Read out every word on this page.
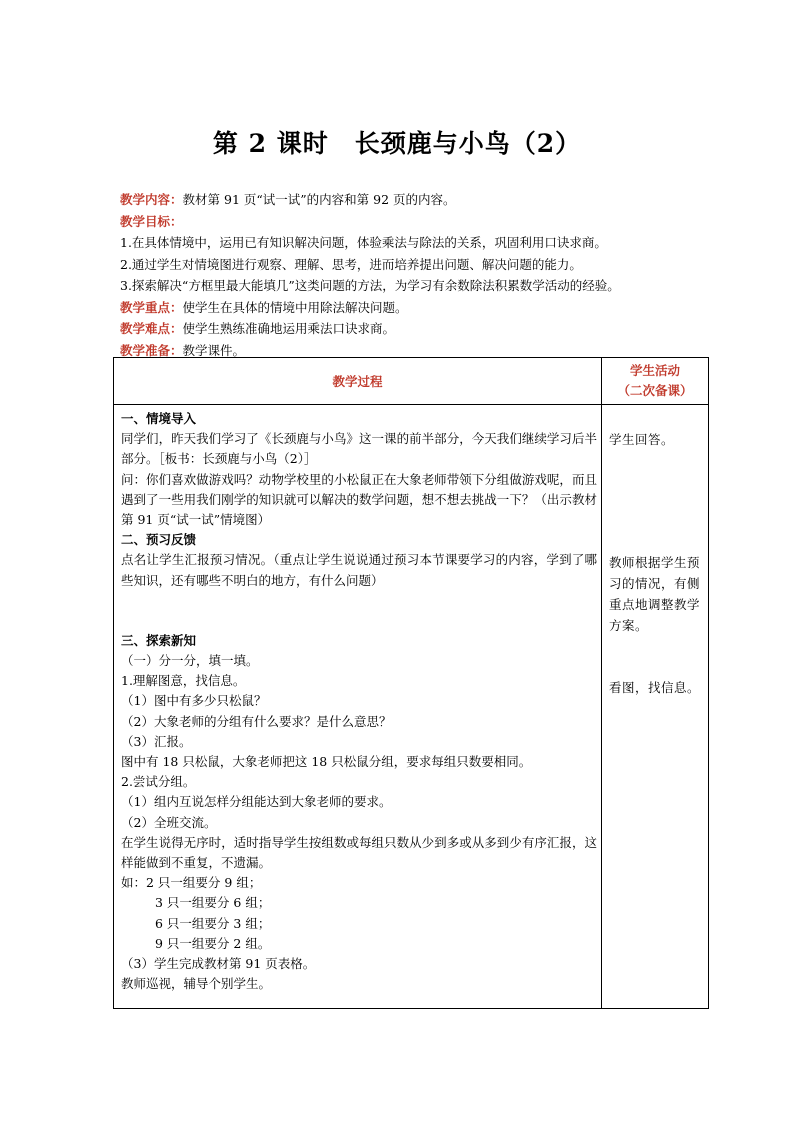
第 2 课时　长颈鹿与小鸟（2）
教学内容：教材第 91 页“试一试”的内容和第 92 页的内容。
教学目标：
1.在具体情境中，运用已有知识解决问题，体验乘法与除法的关系，巩固利用口诀求商。
2.通过学生对情境图进行观察、理解、思考，进而培养提出问题、解决问题的能力。
3.探索解决“方框里最大能填几”这类问题的方法，为学习有余数除法积累数学活动的经验。
教学重点：使学生在具体的情境中用除法解决问题。
教学难点：使学生熟练准确地运用乘法口诀求商。
教学准备：教学课件。
教学过程
学生活动
（二次备课）

一、情境导入

同学们，昨天我们学习了《长颈鹿与小鸟》这一课的前半部分，今天我们继续学习后半部分。［板书：长颈鹿与小鸟（2）］

问：你们喜欢做游戏吗？动物学校里的小松鼠正在大象老师带领下分组做游戏呢，而且遇到了一些用我们刚学的知识就可以解决的数学问题，想不想去挑战一下？（出示教材第 91 页“试一试”情境图）

二、预习反馈

点名让学生汇报预习情况。（重点让学生说说通过预习本节课要学习的内容，学到了哪些知识，还有哪些不明白的地方，有什么问题）

三、探索新知

（一）分一分，填一填。

1.理解图意，找信息。

（1）图中有多少只松鼠？

（2）大象老师的分组有什么要求？是什么意思？

（3）汇报。

图中有 18 只松鼠，大象老师把这 18 只松鼠分组，要求每组只数要相同。

2.尝试分组。

（1）组内互说怎样分组能达到大象老师的要求。

（2）全班交流。

在学生说得无序时，适时指导学生按组数或每组只数从少到多或从多到少有序汇报，这样能做到不重复，不遗漏。

如：2 只一组要分 9 组；

3 只一组要分 6 组；

6 只一组要分 3 组；

9 只一组要分 2 组。

（3）学生完成教材第 91 页表格。

教师巡视，辅导个别学生。

学生回答。
教师根据学生预习的情况，有侧重点地调整教学方案。
看图，找信息。
